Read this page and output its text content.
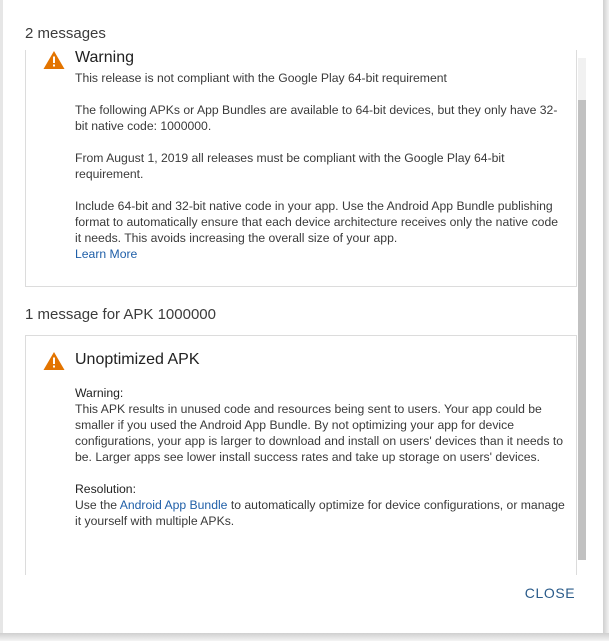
2 messages
Warning

This release is not compliant with the Google Play 64-bit requirement

The following APKs or App Bundles are available to 64-bit devices, but they only have 32-bit native code: 1000000.

From August 1, 2019 all releases must be compliant with the Google Play 64-bit requirement.

Include 64-bit and 32-bit native code in your app. Use the Android App Bundle publishing format to automatically ensure that each device architecture receives only the native code it needs. This avoids increasing the overall size of your app.
Learn More

1 message for APK 1000000
Unoptimized APK
Warning:

This APK results in unused code and resources being sent to users. Your app could be smaller if you used the Android App Bundle. By not optimizing your app for device configurations, your app is larger to download and install on users' devices than it needs to be. Larger apps see lower install success rates and take up storage on users' devices.

Resolution:

Use the Android App Bundle to automatically optimize for device configurations, or manage it yourself with multiple APKs.

CLOSE
